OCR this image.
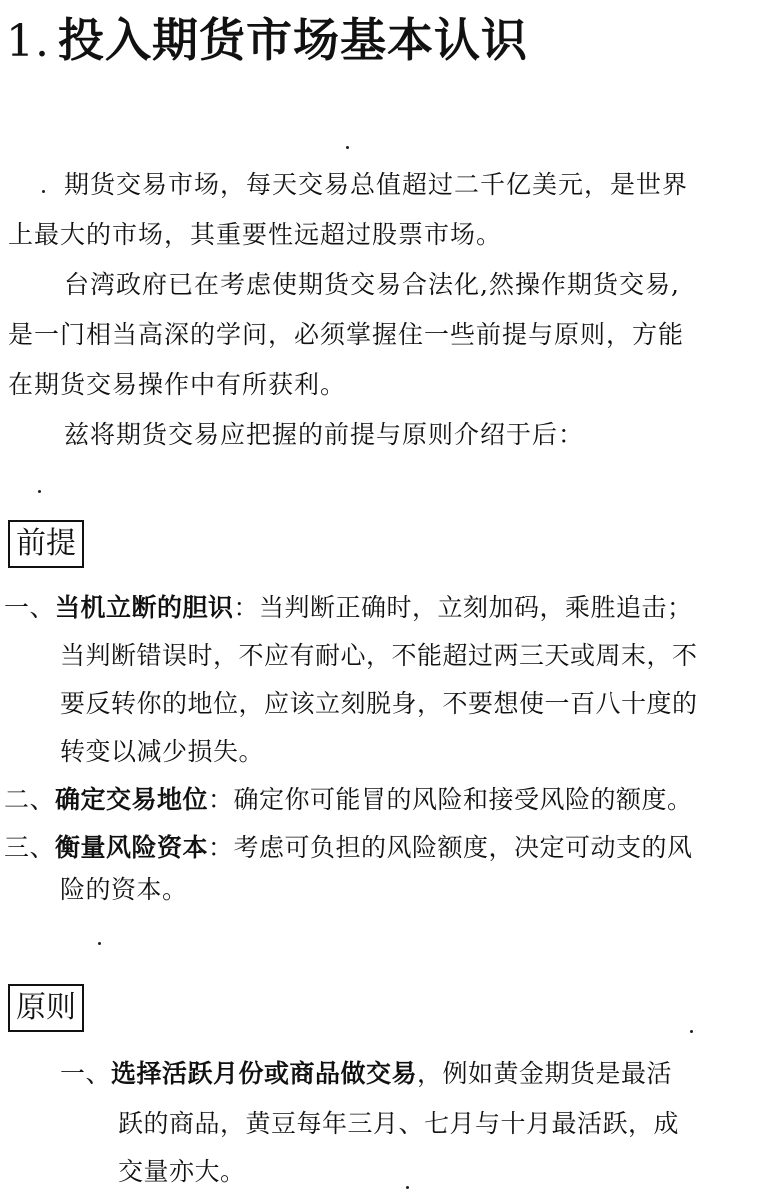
1. 投入期货市场基本认识

期货交易市场，每天交易总值超过二千亿美元，是世界

上最大的市场，其重要性远超过股票市场。

台湾政府已在考虑使期货交易合法化,然操作期货交易,

是一门相当高深的学问，必须掌握住一些前提与原则，方能

在期货交易操作中有所获利。

兹将期货交易应把握的前提与原则介绍于后：

前提

一、当机立断的胆识：当判断正确时，立刻加码，乘胜追击；

当判断错误时，不应有耐心，不能超过两三天或周末，不

要反转你的地位，应该立刻脱身，不要想使一百八十度的

转变以减少损失。

二、确定交易地位：确定你可能冒的风险和接受风险的额度。

三、衡量风险资本：考虑可负担的风险额度，决定可动支的风

险的资本。

原则

一、选择活跃月份或商品做交易，例如黄金期货是最活

跃的商品，黄豆每年三月、七月与十月最活跃，成

交量亦大。
